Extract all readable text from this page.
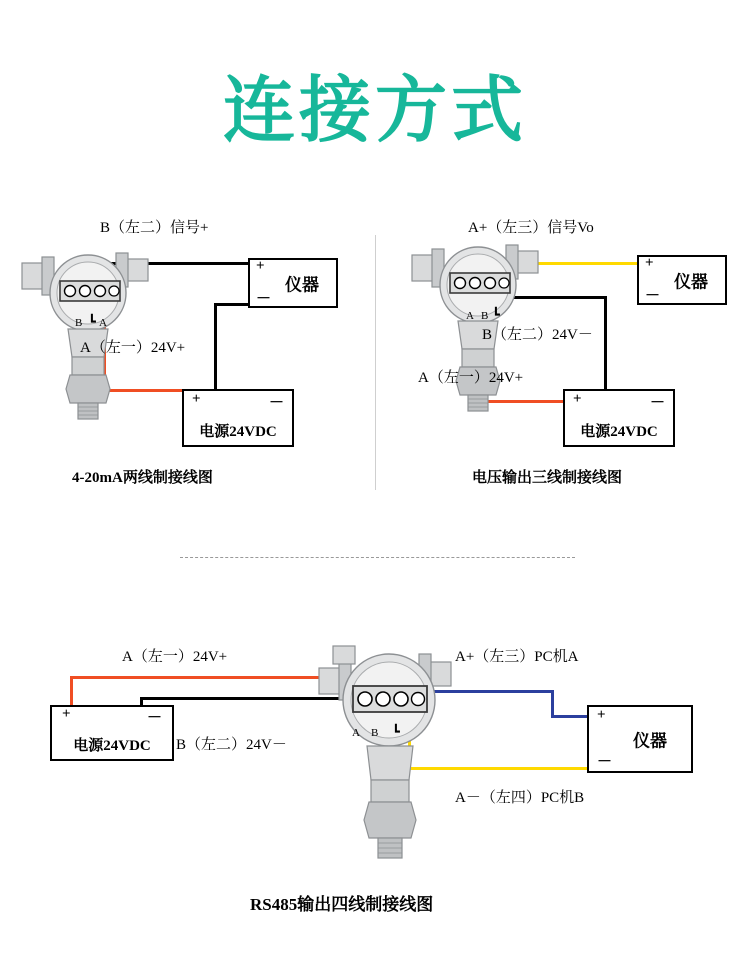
连接方式
B A
┗
B（左二）信号+
A（左一）24V+
+
－
仪器
+	－
电源24VDC
4-20mA两线制接线图
A B ┗
A+（左三）信号Vo
B（左二）24V－
A（左一）24V+
+
－
仪器
+	－
电源24VDC
电压输出三线制接线图
A B ┗
A（左一）24V+
B（左二）24V－
A+（左三）PC机A
A－（左四）PC机B
+	－
电源24VDC
+
－
仪器
RS485输出四线制接线图
